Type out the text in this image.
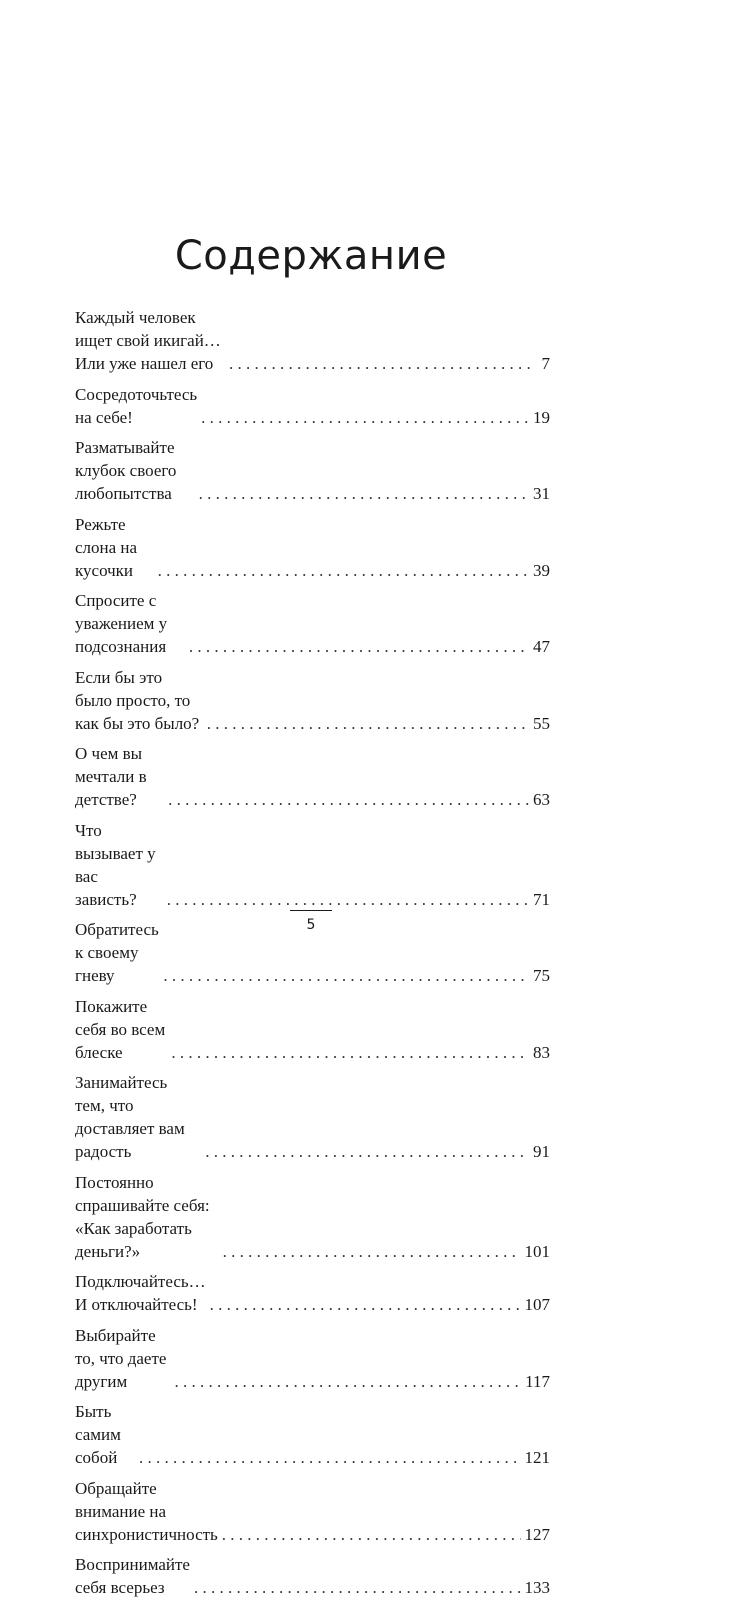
Содержание
Каждый человек ищет свой икигай… Или уже нашел его . . .	7
Сосредоточьтесь на себе! . . .	19
Разматывайте клубок своего любопытства . . .	31
Режьте слона на кусочки . . .	39
Спросите с уважением у подсознания . . .	47
Если бы это было просто, то как бы это было? . . .	55
О чем вы мечтали в детстве? . . .	63
Что вызывает у вас зависть? . . .	71
Обратитесь к своему гневу . . .	75
Покажите себя во всем блеске . . .	83
Занимайтесь тем, что доставляет вам радость . . .	91
Постоянно спрашивайте себя: «Как заработать деньги?» . . .	101
Подключайтесь… И отключайтесь! . . .	107
Выбирайте то, что даете другим . . .	117
Быть самим собой . . .	121
Обращайте внимание на синхронистичность . . .	127
Воспринимайте себя всерьез . . .	133
5
